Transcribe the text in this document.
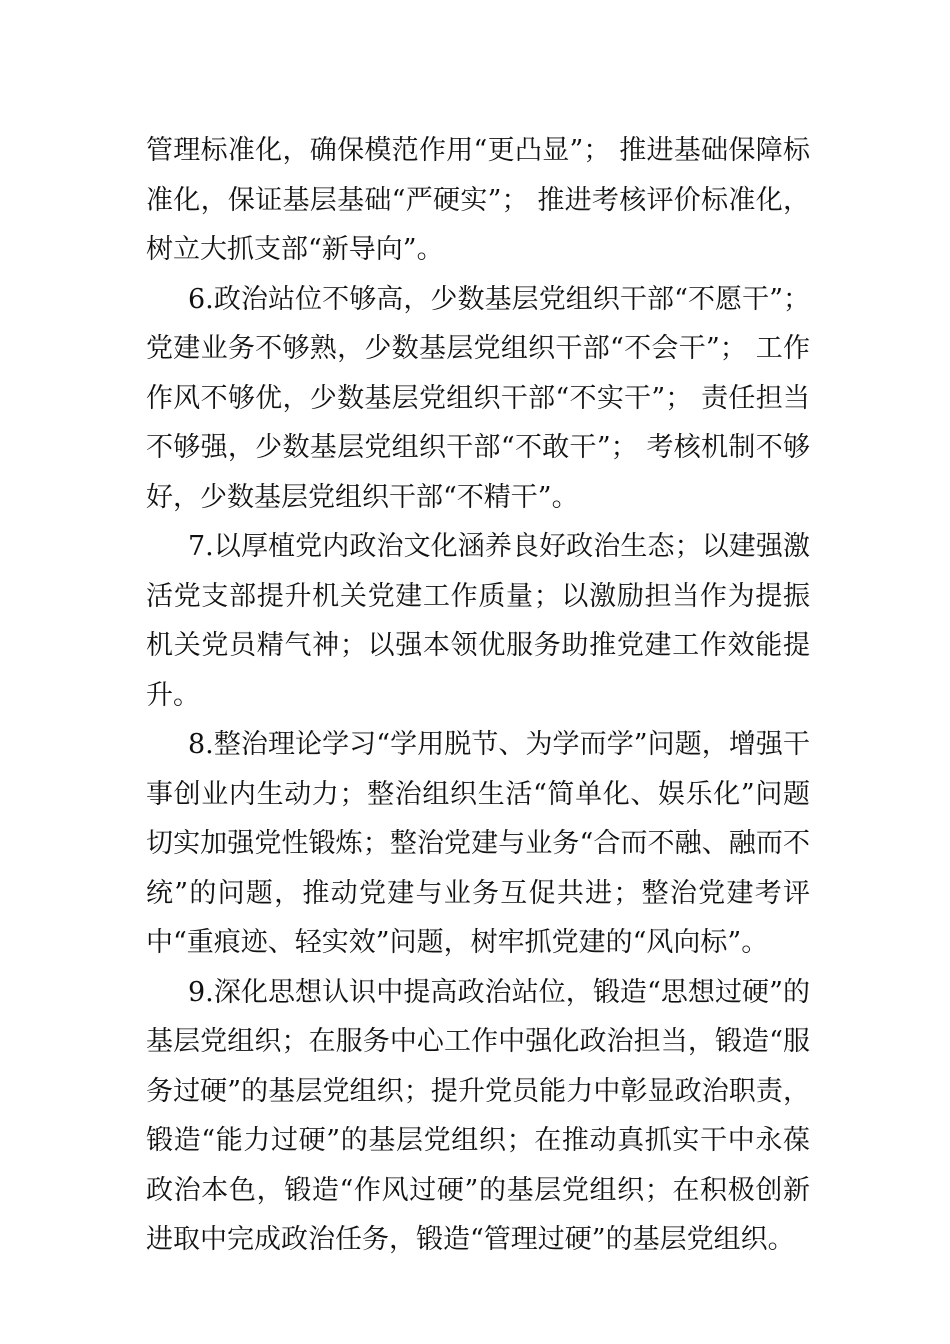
管理标准化，确保模范作用“更凸显”； 推进基础保障标准化，保证基层基础“严硬实”； 推进考核评价标准化，树立大抓支部“新导向”。

6.政治站位不够高，少数基层党组织干部“不愿干”；党建业务不够熟，少数基层党组织干部“不会干”； 工作作风不够优，少数基层党组织干部“不实干”； 责任担当不够强，少数基层党组织干部“不敢干”； 考核机制不够好，少数基层党组织干部“不精干”。

7.以厚植党内政治文化涵养良好政治生态；以建强激活党支部提升机关党建工作质量；以激励担当作为提振机关党员精气神；以强本领优服务助推党建工作效能提升。

8.整治理论学习“学用脱节、为学而学”问题，增强干事创业内生动力；整治组织生活“简单化、娱乐化”问题切实加强党性锻炼；整治党建与业务“合而不融、融而不统”的问题，推动党建与业务互促共进；整治党建考评中“重痕迹、轻实效”问题，树牢抓党建的“风向标”。

9.深化思想认识中提高政治站位，锻造“思想过硬”的基层党组织；在服务中心工作中强化政治担当，锻造“服务过硬”的基层党组织；提升党员能力中彰显政治职责，锻造“能力过硬”的基层党组织；在推动真抓实干中永葆政治本色，锻造“作风过硬”的基层党组织；在积极创新进取中完成政治任务，锻造“管理过硬”的基层党组织。
